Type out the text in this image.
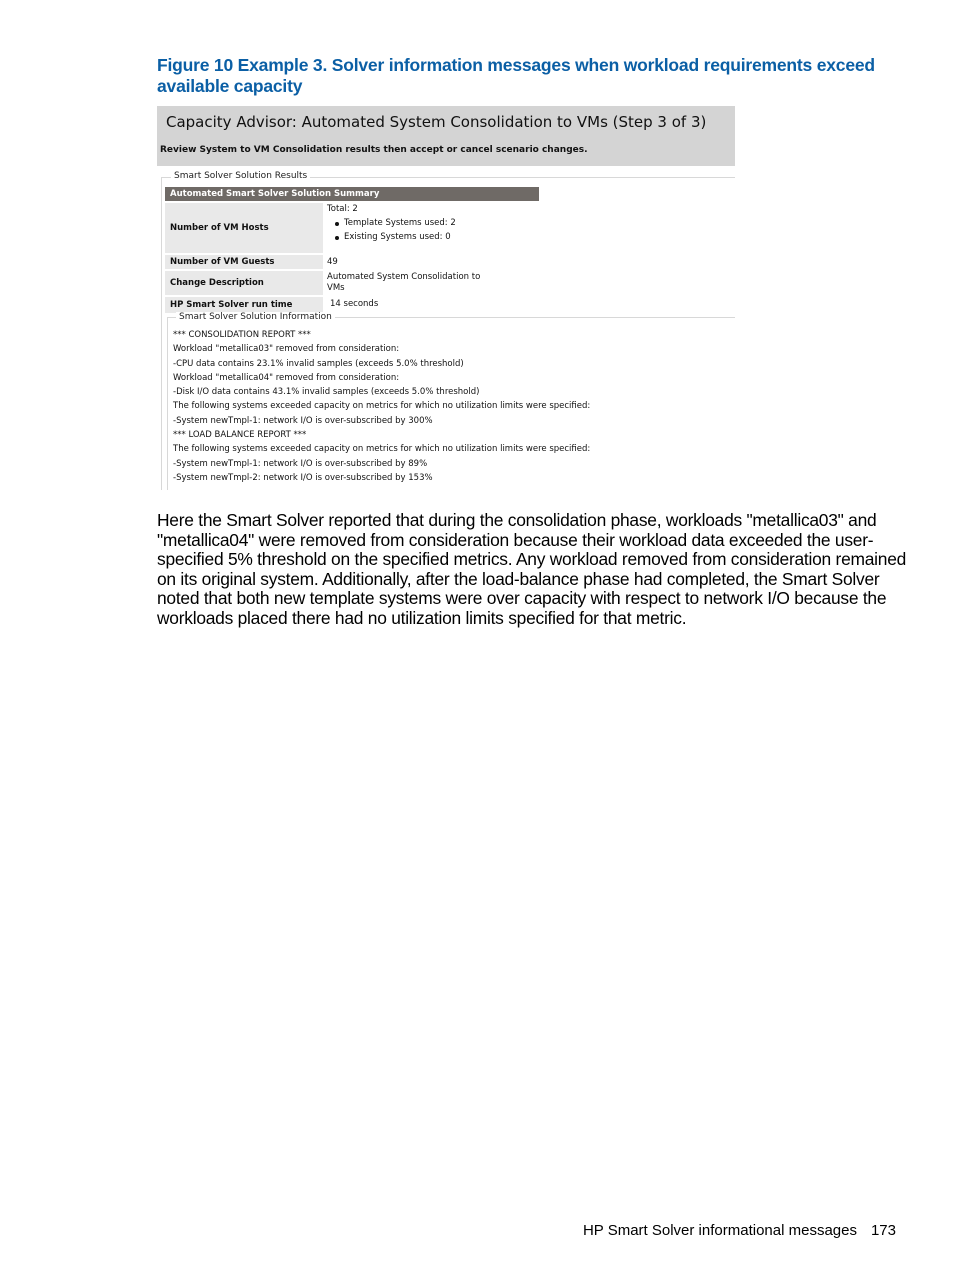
Figure 10 Example 3. Solver information messages when workload requirements exceed available capacity
Capacity Advisor: Automated System Consolidation to VMs (Step 3 of 3)
Review System to VM Consolidation results then accept or cancel scenario changes.
Smart Solver Solution Results
Automated Smart Solver Solution Summary
Number of VM Hosts
Total: 2
Template Systems used: 2
Existing Systems used: 0
Number of VM Guests	49
Change Description
Automated System Consolidation to VMs
HP Smart Solver run time	14 seconds
Smart Solver Solution Information
*** CONSOLIDATION REPORT ***
Workload "metallica03" removed from consideration:
-CPU data contains 23.1% invalid samples (exceeds 5.0% threshold)
Workload "metallica04" removed from consideration:
-Disk I/O data contains 43.1% invalid samples (exceeds 5.0% threshold)
The following systems exceeded capacity on metrics for which no utilization limits were specified:
-System newTmpl-1: network I/O is over-subscribed by 300%
*** LOAD BALANCE REPORT ***
The following systems exceeded capacity on metrics for which no utilization limits were specified:
-System newTmpl-1: network I/O is over-subscribed by 89%
-System newTmpl-2: network I/O is over-subscribed by 153%

Here the Smart Solver reported that during the consolidation phase, workloads "metallica03" and "metallica04" were removed from consideration because their workload data exceeded the user-specified 5% threshold on the specified metrics. Any workload removed from consideration remained on its original system. Additionally, after the load-balance phase had completed, the Smart Solver noted that both new template systems were over capacity with respect to network I/O because the workloads placed there had no utilization limits specified for that metric.

HP Smart Solver informational messages 173
